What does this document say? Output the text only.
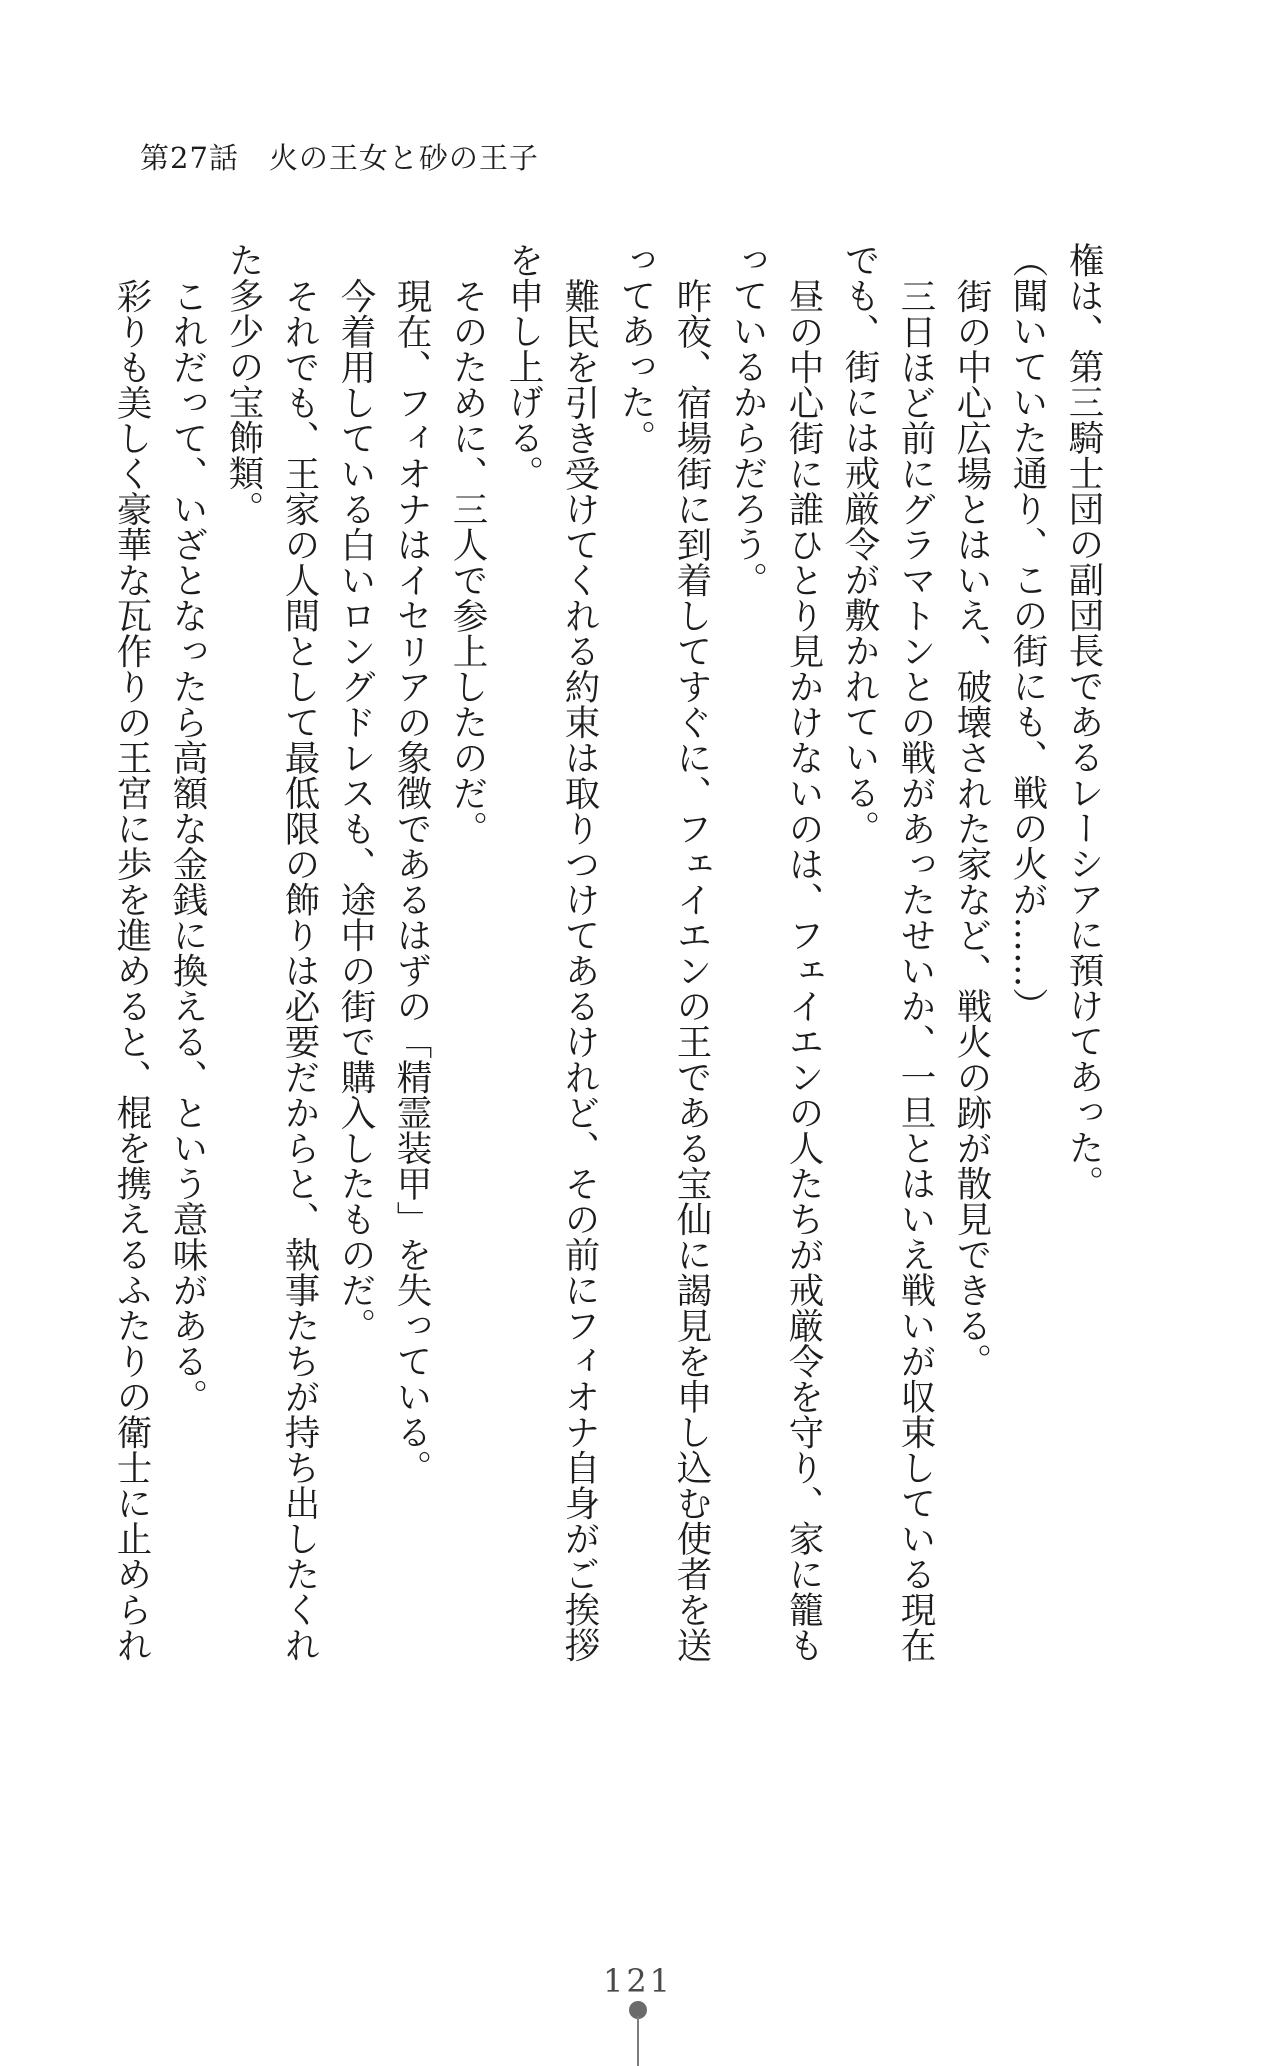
第27話　火の王女と砂の王子

権は、第三騎士団の副団長であるレーシアに預けてあった。

（聞いていた通り、この街にも、戦の火が……）

街の中心広場とはいえ、破壊された家など、戦火の跡が散見できる。

三日ほど前にグラマトンとの戦があったせいか、一旦とはいえ戦いが収束している現在でも、街には戒厳令が敷かれている。

昼の中心街に誰ひとり見かけないのは、フェイエンの人たちが戒厳令を守り、家に籠もっているからだろう。

昨夜、宿場街に到着してすぐに、フェイエンの王である宝仙に謁見を申し込む使者を送ってあった。

難民を引き受けてくれる約束は取りつけてあるけれど、その前にフィオナ自身がご挨拶を申し上げる。

そのために、三人で参上したのだ。

現在、フィオナはイセリアの象徴であるはずの「精霊装甲」を失っている。

今着用している白いロングドレスも、途中の街で購入したものだ。

それでも、王家の人間として最低限の飾りは必要だからと、執事たちが持ち出したくれた多少の宝飾類。

これだって、いざとなったら高額な金銭に換える、という意味がある。

彩りも美しく豪華な瓦作りの王宮に歩を進めると、棍を携えるふたりの衛士に止められ

121
